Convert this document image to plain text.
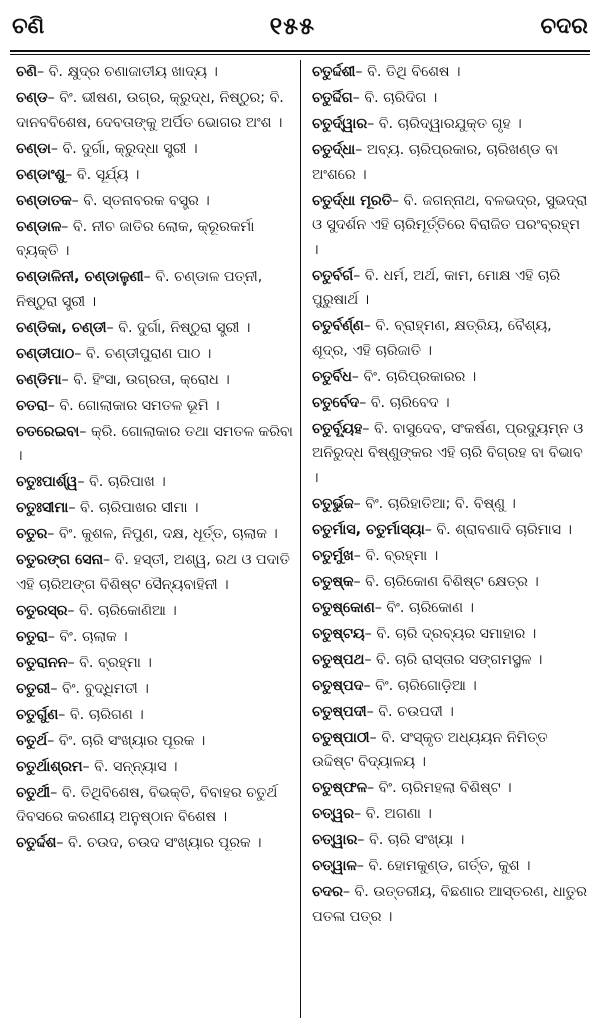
ଚଣି	୧୫୫	ଚଦର
ଚଣି– ବି. କ୍ଷୁଦ୍ର ଚଣାଜାତୀୟ ଖାଦ୍ୟ ।
ଚଣ୍ଡ– ବିଂ. ଭୀଷଣ, ଉଗ୍ର, କ୍ରୁଦ୍ଧ, ନିଷ୍ଠୁର; ବି. ଦାନବବିଶେଷ, ଦେବତାଙ୍କୁ ଅର୍ପିତ ଭୋଗର ଅଂଶ ।
ଚଣ୍ଡା– ବି. ଦୁର୍ଗା, କ୍ରୁଦ୍ଧା ସ୍ତ୍ରୀ ।
ଚଣ୍ଡାଂଶୁ– ବି. ସୂର୍ଯ୍ୟ ।
ଚଣ୍ଡାତକ– ବି. ସ୍ତନାବରକ ବସ୍ତ୍ର ।
ଚଣ୍ଡାଳ– ବି. ନୀଚ ଜାତିର ଲୋକ, କ୍ରୂରକର୍ମା ବ୍ୟକ୍ତି ।
ଚଣ୍ଡାଳିନୀ, ଚଣ୍ଡାଳୁଣୀ– ବି. ଚଣ୍ଡାଳ ପତ୍ନୀ, ନିଷ୍ଠୁରା ସ୍ତ୍ରୀ ।
ଚଣ୍ଡିକା, ଚଣ୍ଡୀ– ବି. ଦୁର୍ଗା, ନିଷ୍ଠୁରା ସ୍ତ୍ରୀ ।
ଚଣ୍ଡୀପାଠ– ବି. ଚଣ୍ଡୀପୁରାଣ ପାଠ ।
ଚଣ୍ଡିମା– ବି. ହିଂସା, ଉଗ୍ରତା, କ୍ରୋଧ ।
ଚତରା– ବି. ଗୋଲାକାର ସମତଳ ଭୂମି ।
ଚତରେଇବା– କ୍ରି. ଗୋଲାକାର ତଥା ସମତଳ କରିବା ।
ଚତୁଃପାର୍ଶ୍ୱ– ବି. ଚାରିପାଖ ।
ଚତୁଃସୀମା– ବି. ଚାରିପାଖର ସୀମା ।
ଚତୁର– ବିଂ. କୁଶଳ, ନିପୁଣ, ଦକ୍ଷ, ଧୂର୍ତ୍ତ, ଚାଲାକ ।
ଚତୁରଙ୍ଗ ସେନା– ବି. ହସ୍ତୀ, ଅଶ୍ୱ, ରଥ ଓ ପଦାତି ଏହି ଚାରିଅଙ୍ଗ ବିଶିଷ୍ଟ ସୈନ୍ୟବାହିନୀ ।
ଚତୁରସ୍ର– ବି. ଚାରିକୋଣିଆ ।
ଚତୁରା– ବିଂ. ଚାଲାକ ।
ଚତୁରାନନ– ବି. ବ୍ରହ୍ମା ।
ଚତୁରୀ– ବିଂ. ବୁଦ୍ଧିମତୀ ।
ଚତୁର୍ଗୁଣ– ବି. ଚାରିଗଣ ।
ଚତୁର୍ଥ– ବିଂ. ଚାରି ସଂଖ୍ୟାର ପୂରକ ।
ଚତୁର୍ଥାଶ୍ରମ– ବି. ସନ୍ନ୍ୟାସ ।
ଚତୁର୍ଥୀ– ବି. ତିଥିବିଶେଷ, ବିଭକ୍ତି, ବିବାହର ଚତୁର୍ଥ ଦିବସରେ କରଣୀୟ ଅନୁଷ୍ଠାନ ବିଶେଷ ।
ଚତୁର୍ଦ୍ଦଶ– ବି. ଚଉଦ, ଚଉଦ ସଂଖ୍ୟାର ପୂରକ ।
ଚତୁର୍ଦ୍ଦଶୀ– ବି. ତିଥି ବିଶେଷ ।
ଚତୁର୍ଦ୍ଦିଗ– ବି. ଚାରିଦିଗ ।
ଚତୁର୍ଦ୍ୱାର– ବି. ଚାରିଦ୍ୱାରଯୁକ୍ତ ଗୃହ ।
ଚତୁର୍ଦ୍ଧା– ଅବ୍ୟ. ଚାରିପ୍ରକାର, ଚାରିଖଣ୍ଡ ବା ଅଂଶରେ ।
ଚତୁର୍ଦ୍ଧା ମୂରତି– ବି. ଜଗନ୍ନାଥ, ବଳଭଦ୍ର, ସୁଭଦ୍ରା ଓ ସୁଦର୍ଶନ ଏହି ଚାରିମୂର୍ତ୍ତିରେ ବିରାଜିତ ପରଂବ୍ରହ୍ମ ।
ଚତୁର୍ବର୍ଗ– ବି. ଧର୍ମ, ଅର୍ଥ, କାମ, ମୋକ୍ଷ ଏହି ଚାରି ପୁରୁଷାର୍ଥ ।
ଚତୁର୍ବର୍ଣ୍ଣ– ବି. ବ୍ରାହ୍ମଣ, କ୍ଷତ୍ରିୟ, ବୈଶ୍ୟ, ଶୂଦ୍ର, ଏହି ଚାରିଜାତି ।
ଚତୁର୍ବିଧ– ବିଂ. ଚାରିପ୍ରକାରର ।
ଚତୁର୍ବେଦ– ବି. ଚାରିବେଦ ।
ଚତୁର୍ବ୍ୟୂହ– ବି. ବାସୁଦେବ, ସଂକର୍ଷଣ, ପ୍ରଦ୍ୟୁମ୍ନ ଓ ଅନିରୁଦ୍ଧ ବିଷ୍ଣୁଙ୍କର ଏହି ଚାରି ବିଗ୍ରହ ବା ବିଭାବ ।
ଚତୁର୍ଭୁଜ– ବିଂ. ଚାରିହାତିଆ; ବି. ବିଷ୍ଣୁ ।
ଚତୁର୍ମାସ, ଚତୁର୍ମାସ୍ୟା– ବି. ଶ୍ରାବଣାଦି ଚାରିମାସ ।
ଚତୁର୍ମୁଖ– ବି. ବ୍ରହ୍ମା ।
ଚତୁଷ୍କ– ବି. ଚାରିକୋଣ ବିଶିଷ୍ଟ କ୍ଷେତ୍ର ।
ଚତୁଷ୍କୋଣ– ବିଂ. ଚାରିକୋଣ ।
ଚତୁଷ୍ଟୟ– ବି. ଚାରି ଦ୍ରବ୍ୟର ସମାହାର ।
ଚତୁଷ୍ପଥ– ବି. ଚାରି ରାସ୍ତାର ସଙ୍ଗମସ୍ଥଳ ।
ଚତୁଷ୍ପଦ– ବିଂ. ଚାରିଗୋଡ଼ିଆ ।
ଚତୁଷ୍ପଦୀ– ବି. ଚଉପଦୀ ।
ଚତୁଷ୍ପାଠୀ– ବି. ସଂସ୍କୃତ ଅଧ୍ୟୟନ ନିମିତ୍ତ ଉଦ୍ଦିଷ୍ଟ ବିଦ୍ୟାଳୟ ।
ଚତୁଷ୍ଫଳ– ବିଂ. ଚାରିମହଲା ବିଶିଷ୍ଟ ।
ଚତ୍ୱର– ବି. ଅଗଣା ।
ଚତ୍ୱାର– ବି. ଚାରି ସଂଖ୍ୟା ।
ଚତ୍ୱାଳ– ବି. ହୋମକୁଣ୍ଡ, ଗର୍ତ୍ତ, କୁଶ ।
ଚଦର– ବି. ଉତ୍ତରୀୟ, ବିଛଣାର ଆସ୍ତରଣ, ଧାତୁର ପତଳା ପତ୍ର ।
